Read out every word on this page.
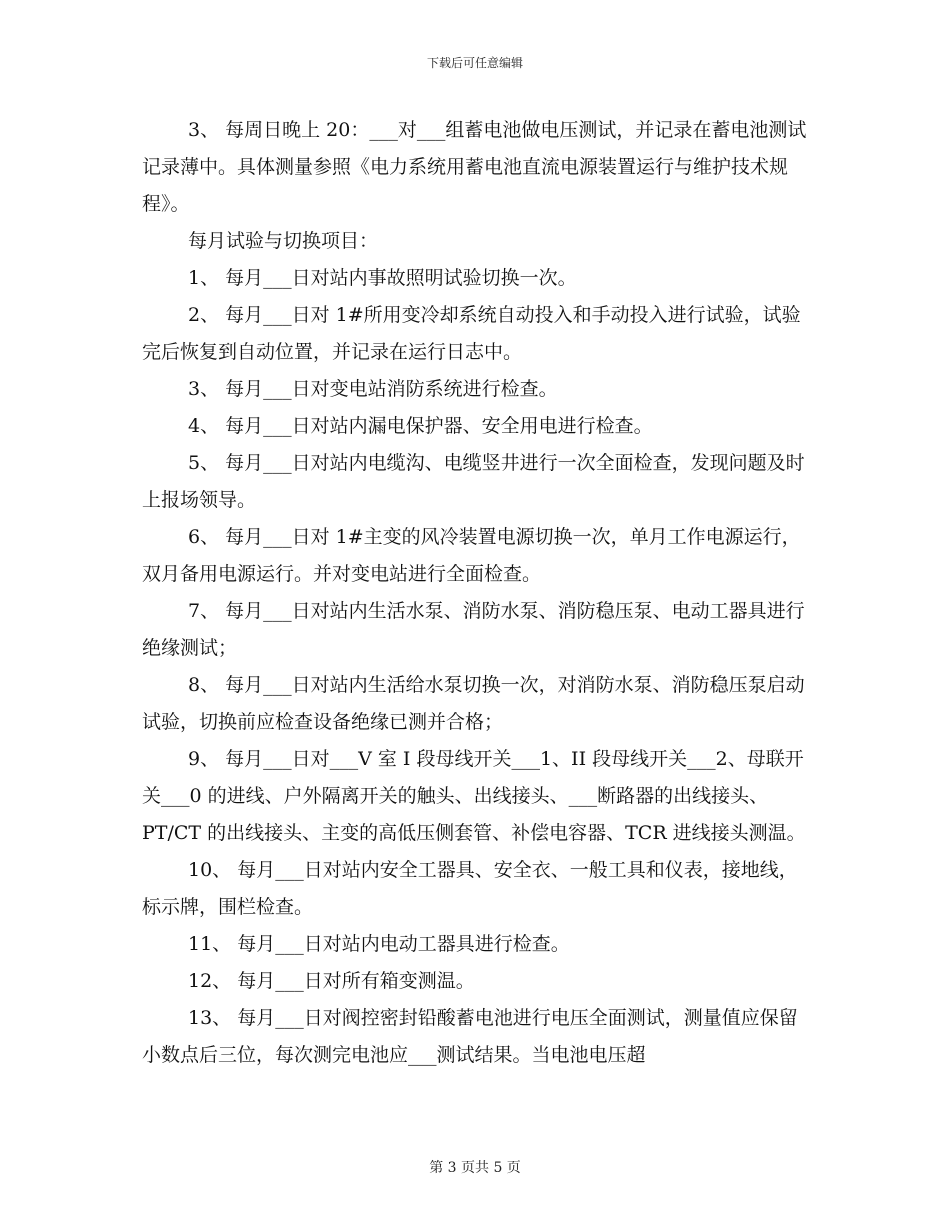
下载后可任意编辑

3、 每周日晚上 20：___对___组蓄电池做电压测试，并记录在蓄电池测试记录薄中。具体测量参照《电力系统用蓄电池直流电源装置运行与维护技术规程》。

每月试验与切换项目：

1、 每月___日对站内事故照明试验切换一次。

2、 每月___日对 1#所用变冷却系统自动投入和手动投入进行试验，试验完后恢复到自动位置，并记录在运行日志中。

3、 每月___日对变电站消防系统进行检查。

4、 每月___日对站内漏电保护器、安全用电进行检查。

5、 每月___日对站内电缆沟、电缆竖井进行一次全面检查，发现问题及时上报场领导。

6、 每月___日对 1#主变的风冷装置电源切换一次，单月工作电源运行，双月备用电源运行。并对变电站进行全面检查。

7、 每月___日对站内生活水泵、消防水泵、消防稳压泵、电动工器具进行绝缘测试；

8、 每月___日对站内生活给水泵切换一次，对消防水泵、消防稳压泵启动试验，切换前应检查设备绝缘已测并合格；

9、 每月___日对___V 室 I 段母线开关___1、II 段母线开关___2、母联开关___0 的进线、户外隔离开关的触头、出线接头、___断路器的出线接头、PT/CT 的出线接头、主变的高低压侧套管、补偿电容器、TCR 进线接头测温。

10、 每月___日对站内安全工器具、安全衣、一般工具和仪表，接地线，标示牌，围栏检查。

11、 每月___日对站内电动工器具进行检查。

12、 每月___日对所有箱变测温。

13、 每月___日对阀控密封铅酸蓄电池进行电压全面测试，测量值应保留小数点后三位，每次测完电池应___测试结果。当电池电压超

第 3 页共 5 页
